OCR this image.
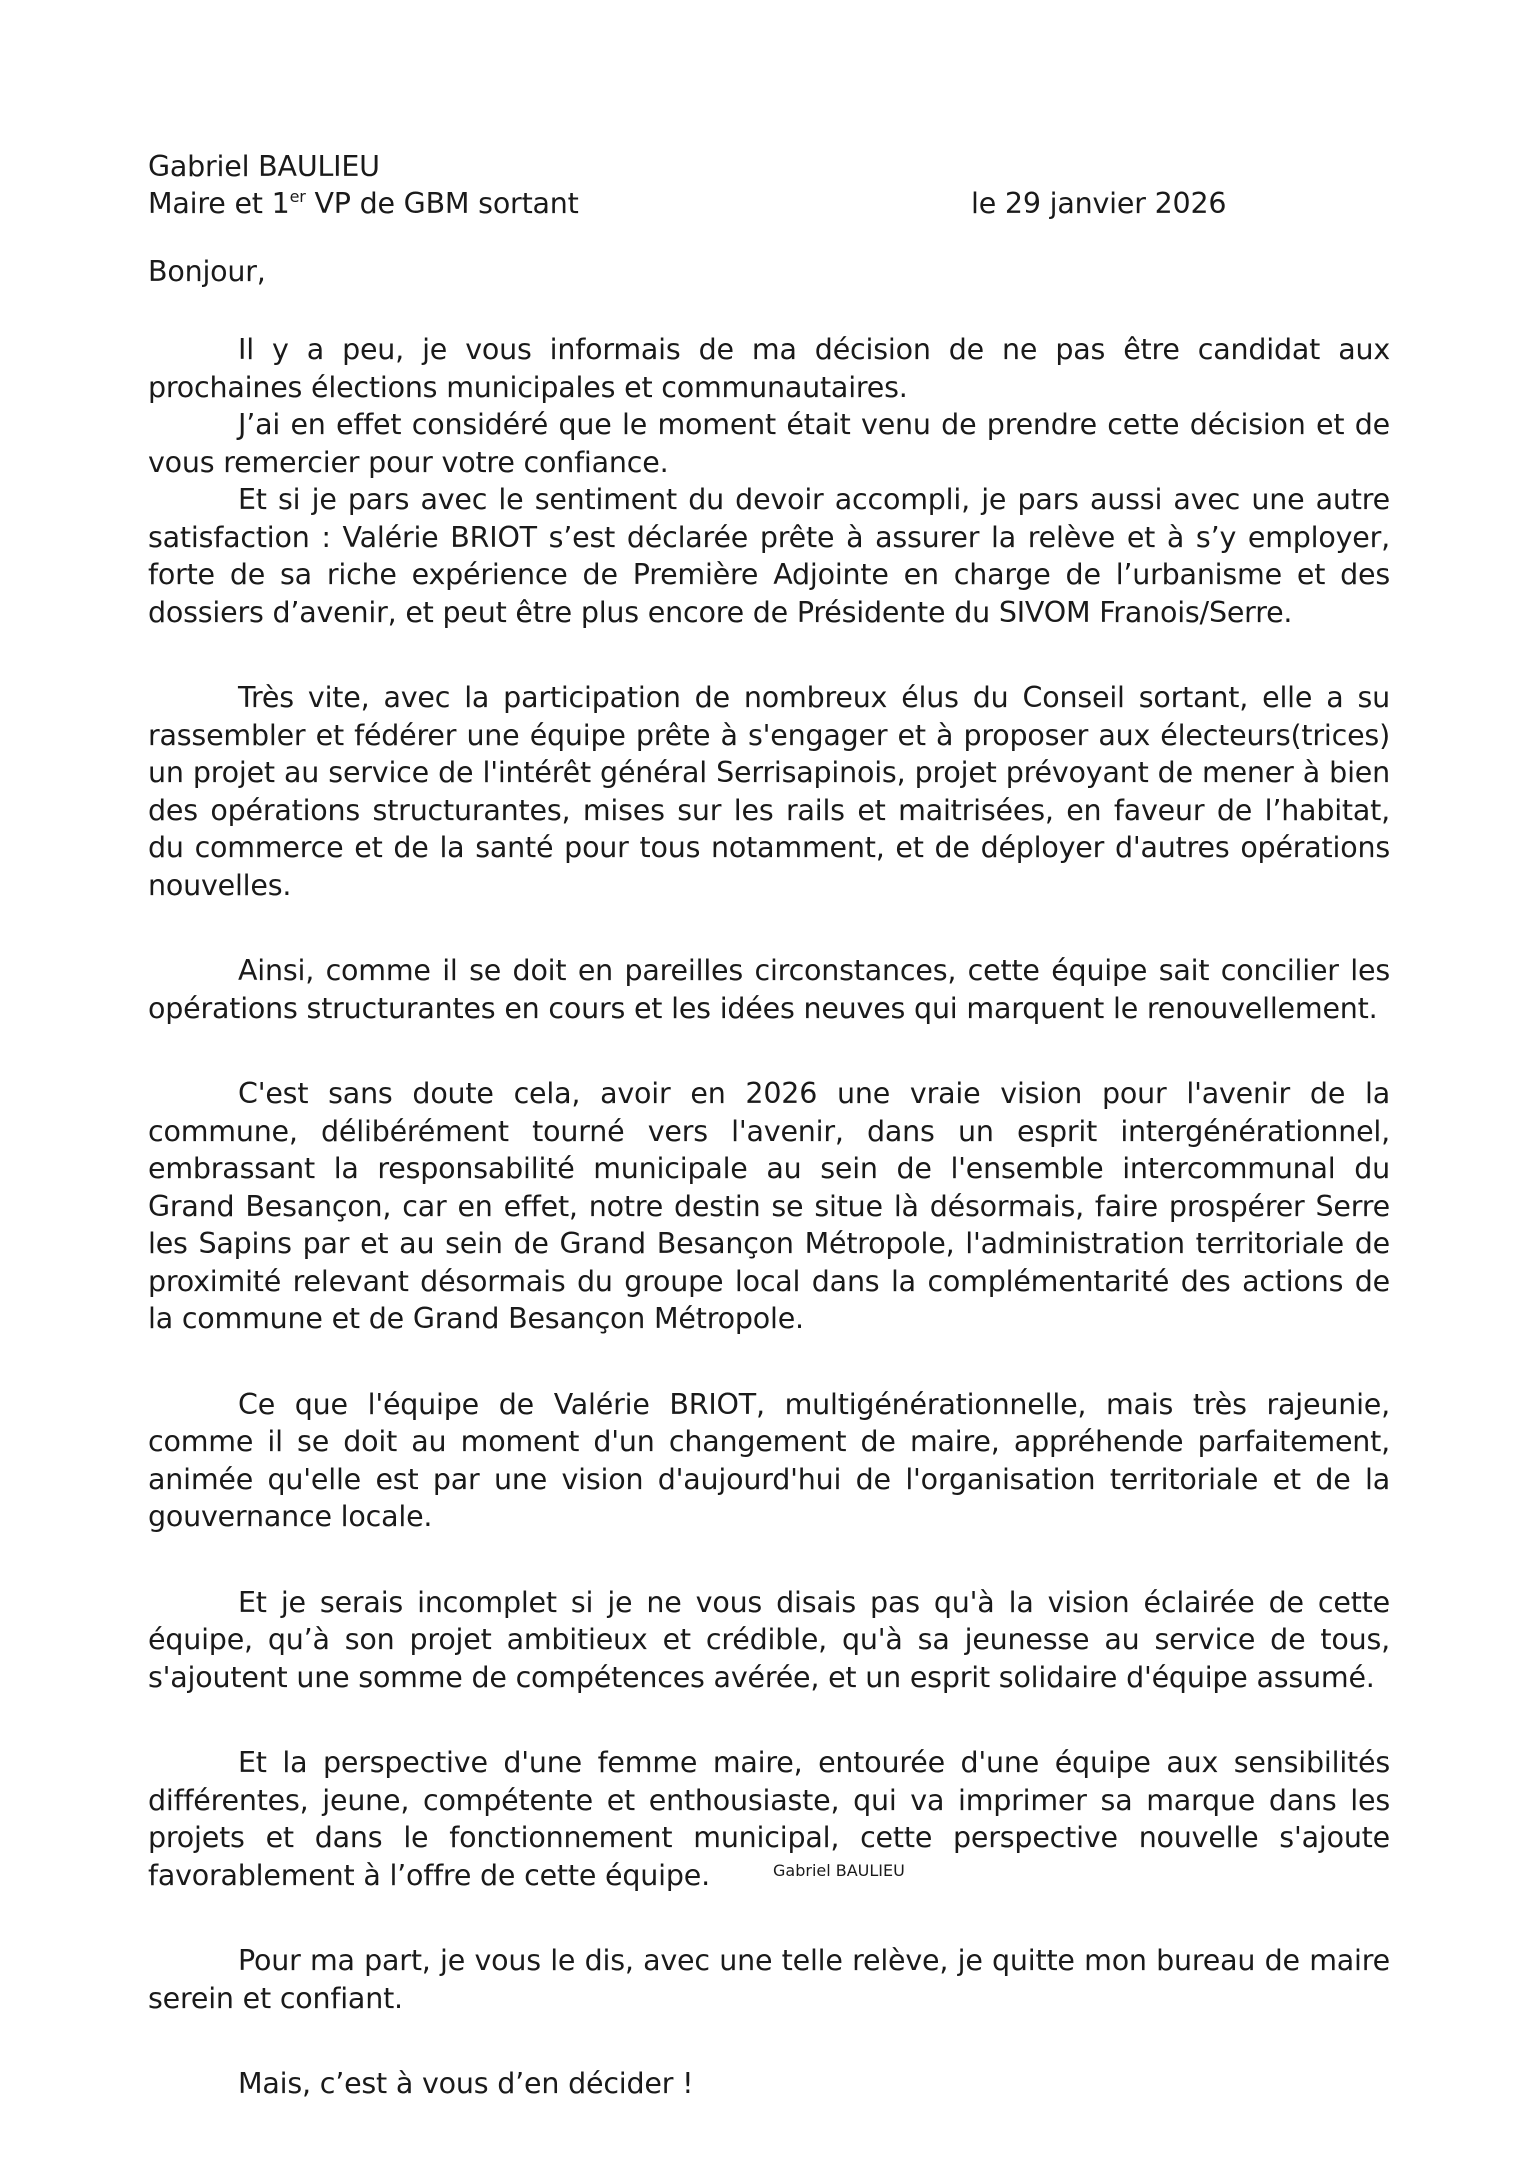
Gabriel BAULIEU
Maire et 1er VP de GBM sortant	le 29 janvier 2026
Bonjour,

Il y a peu, je vous informais de ma décision de ne pas être candidat aux prochaines élections municipales et communautaires.

J’ai en effet considéré que le moment était venu de prendre cette décision et de vous remercier pour votre confiance.

Et si je pars avec le sentiment du devoir accompli, je pars aussi avec une autre satisfaction : Valérie BRIOT s’est déclarée prête à assurer la relève et à s’y employer, forte de sa riche expérience de Première Adjointe en charge de l’urbanisme et des dossiers d’avenir, et peut être plus encore de Présidente du SIVOM Franois/Serre.

Très vite, avec la participation de nombreux élus du Conseil sortant, elle a su rassembler et fédérer une équipe prête à s'engager et à proposer aux électeurs(trices) un projet au service de l'intérêt général Serrisapinois, projet prévoyant de mener à bien des opérations structurantes, mises sur les rails et maitrisées, en faveur de l’habitat, du commerce et de la santé pour tous notamment, et de déployer d'autres opérations nouvelles.

Ainsi, comme il se doit en pareilles circonstances, cette équipe sait concilier les opérations structurantes en cours et les idées neuves qui marquent le renouvellement.

C'est sans doute cela, avoir en 2026 une vraie vision pour l'avenir de la commune, délibérément tourné vers l'avenir, dans un esprit intergénérationnel, embrassant la responsabilité municipale au sein de l'ensemble intercommunal du Grand Besançon, car en effet, notre destin se situe là désormais, faire prospérer Serre les Sapins par et au sein de Grand Besançon Métropole, l'administration territoriale de proximité relevant désormais du groupe local dans la complémentarité des actions de la commune et de Grand Besançon Métropole.

Ce que l'équipe de Valérie BRIOT, multigénérationnelle, mais très rajeunie, comme il se doit au moment d'un changement de maire, appréhende parfaitement, animée qu'elle est par une vision d'aujourd'hui de l'organisation territoriale et de la gouvernance locale.

Et je serais incomplet si je ne vous disais pas qu'à la vision éclairée de cette équipe, qu’à son projet ambitieux et crédible, qu'à sa jeunesse au service de tous, s'ajoutent une somme de compétences avérée, et un esprit solidaire d'équipe assumé.

Et la perspective d'une femme maire, entourée d'une équipe aux sensibilités différentes, jeune, compétente et enthousiaste, qui va imprimer sa marque dans les projets et dans le fonctionnement municipal, cette perspective nouvelle s'ajoute favorablement à l’offre de cette équipe.

Pour ma part, je vous le dis, avec une telle relève, je quitte mon bureau de maire serein et confiant.

Mais, c’est à vous d’en décider !

Gabriel BAULIEU
